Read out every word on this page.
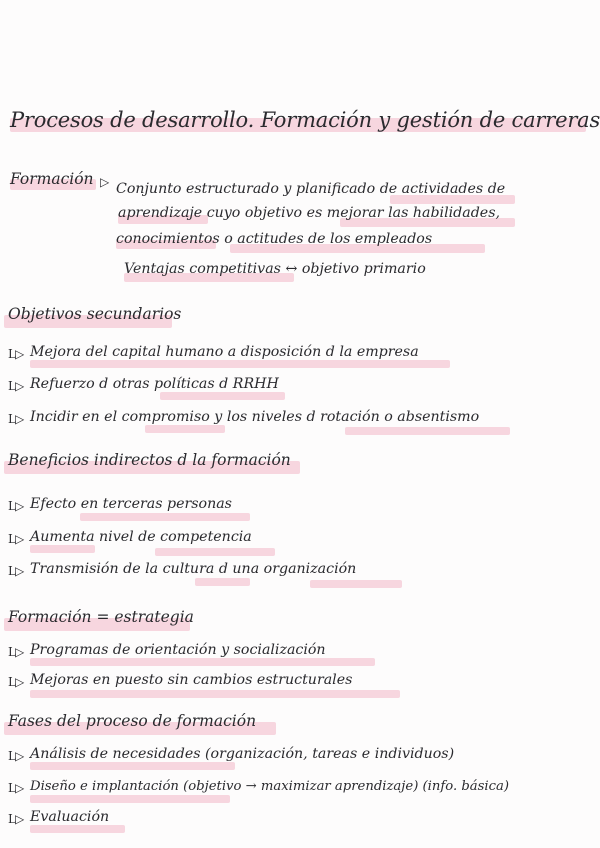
Procesos de desarrollo. Formación y gestión de carreras
Formación ▷ Conjunto estructurado y planificado de actividades de
aprendizaje cuyo objetivo es mejorar las habilidades,
conocimientos o actitudes de los empleados
Ventajas competitivas ↔ objetivo primario
Objetivos secundarios
L▷ Mejora del capital humano a disposición d la empresa
L▷ Refuerzo d otras políticas d RRHH
L▷ Incidir en el compromiso y los niveles d rotación o absentismo
Beneficios indirectos d la formación
L▷ Efecto en terceras personas
L▷ Aumenta nivel de competencia
L▷ Transmisión de la cultura d una organización
Formación = estrategia
L▷ Programas de orientación y socialización
L▷ Mejoras en puesto sin cambios estructurales
Fases del proceso de formación
L▷ Análisis de necesidades (organización, tareas e individuos)
L▷ Diseño e implantación (objetivo → maximizar aprendizaje) (info. básica)
L▷ Evaluación
